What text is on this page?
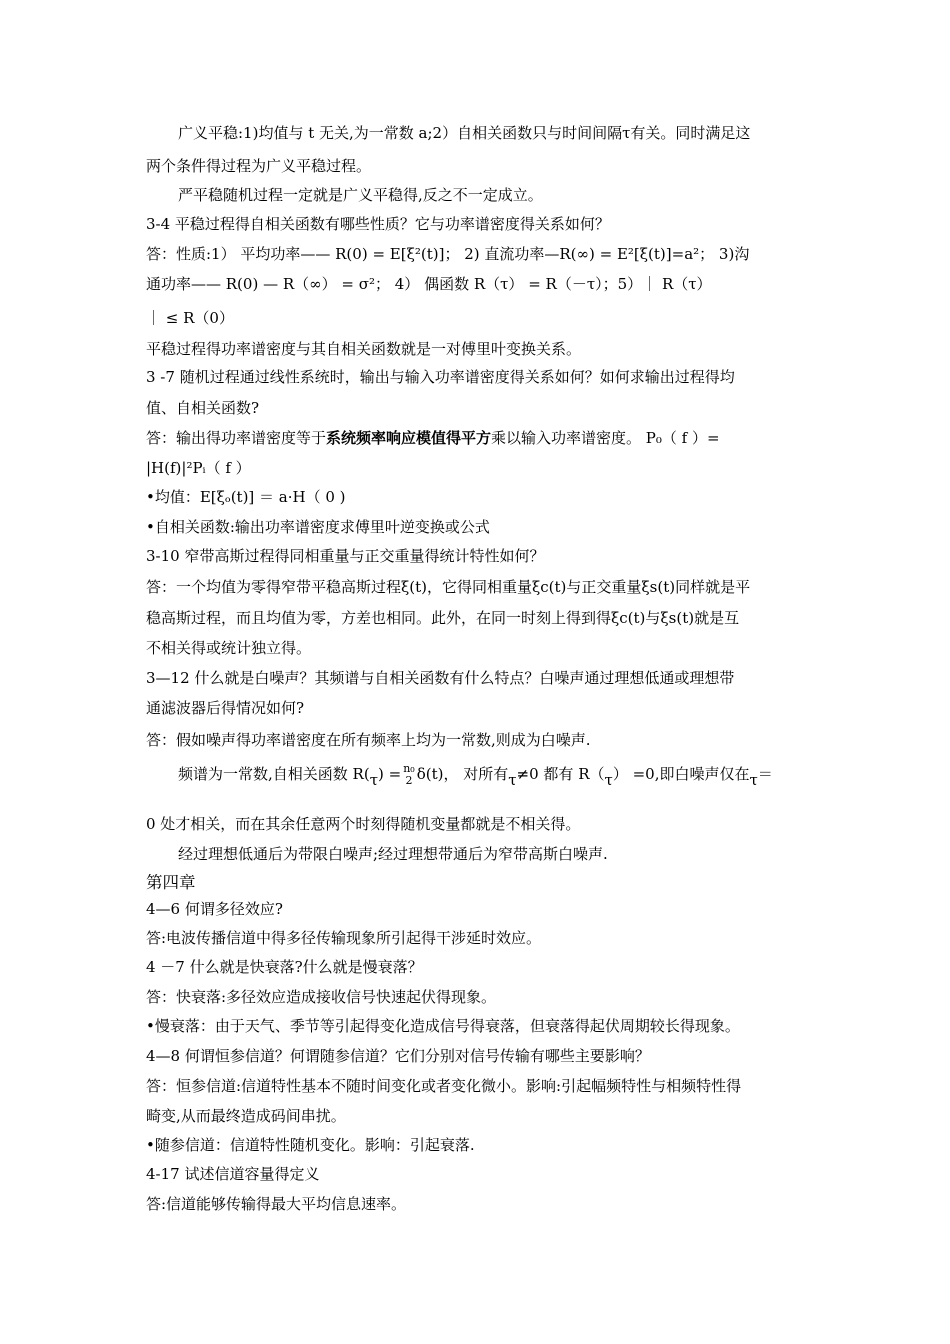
广义平稳:1)均值与 t 无关,为一常数 a;2）自相关函数只与时间间隔τ有关。同时满足这
两个条件得过程为广义平稳过程。
严平稳随机过程一定就是广义平稳得,反之不一定成立。
3-4 平稳过程得自相关函数有哪些性质？它与功率谱密度得关系如何？
答：性质:1） 平均功率—— R(0) = E[ξ²(t)]； 2) 直流功率—R(∞) = E²[ξ(t)]=a²； 3)沟
通功率—— R(0) — R（∞） = σ²； 4） 偶函数 R（τ） = R（－τ）；5）｜ R（τ）
｜ ≤ R（0）
平稳过程得功率谱密度与其自相关函数就是一对傅里叶变换关系。
3 -7 随机过程通过线性系统时，输出与输入功率谱密度得关系如何？如何求输出过程得均
值、自相关函数?
答：输出得功率谱密度等于系统频率响应模值得平方乘以输入功率谱密度。 P₀（ f ）=
|H(f)|²Pᵢ（ f ）
•均值：E[ξₒ(t)] ＝ a·H（ 0 )
•自相关函数:输出功率谱密度求傅里叶逆变换或公式
3-10 窄带高斯过程得同相重量与正交重量得统计特性如何？
答：一个均值为零得窄带平稳高斯过程ξ(t)，它得同相重量ξc(t)与正交重量ξs(t)同样就是平
稳高斯过程，而且均值为零，方差也相同。此外，在同一时刻上得到得ξc(t)与ξs(t)就是互
不相关得或统计独立得。
3—12 什么就是白噪声？其频谱与自相关函数有什么特点？白噪声通过理想低通或理想带
通滤波器后得情况如何?
答：假如噪声得功率谱密度在所有频率上均为一常数,则成为白噪声.
频谱为一常数,自相关函数 R(τ) = n₀
2 δ(t)， 对所有τ≠0 都有 R（τ） =0,即白噪声仅在τ＝
0 处才相关，而在其余任意两个时刻得随机变量都就是不相关得。
经过理想低通后为带限白噪声;经过理想带通后为窄带高斯白噪声.
第四章
4—6 何谓多径效应?
答:电波传播信道中得多径传输现象所引起得干涉延时效应。
4 －7 什么就是快衰落?什么就是慢衰落？
答：快衰落:多径效应造成接收信号快速起伏得现象。
•慢衰落：由于天气、季节等引起得变化造成信号得衰落，但衰落得起伏周期较长得现象。
4—8 何谓恒参信道？何谓随参信道？它们分别对信号传输有哪些主要影响？
答：恒参信道:信道特性基本不随时间变化或者变化微小。影响:引起幅频特性与相频特性得
畸变,从而最终造成码间串扰。
•随参信道：信道特性随机变化。影响：引起衰落.
4-17 试述信道容量得定义
答:信道能够传输得最大平均信息速率。
